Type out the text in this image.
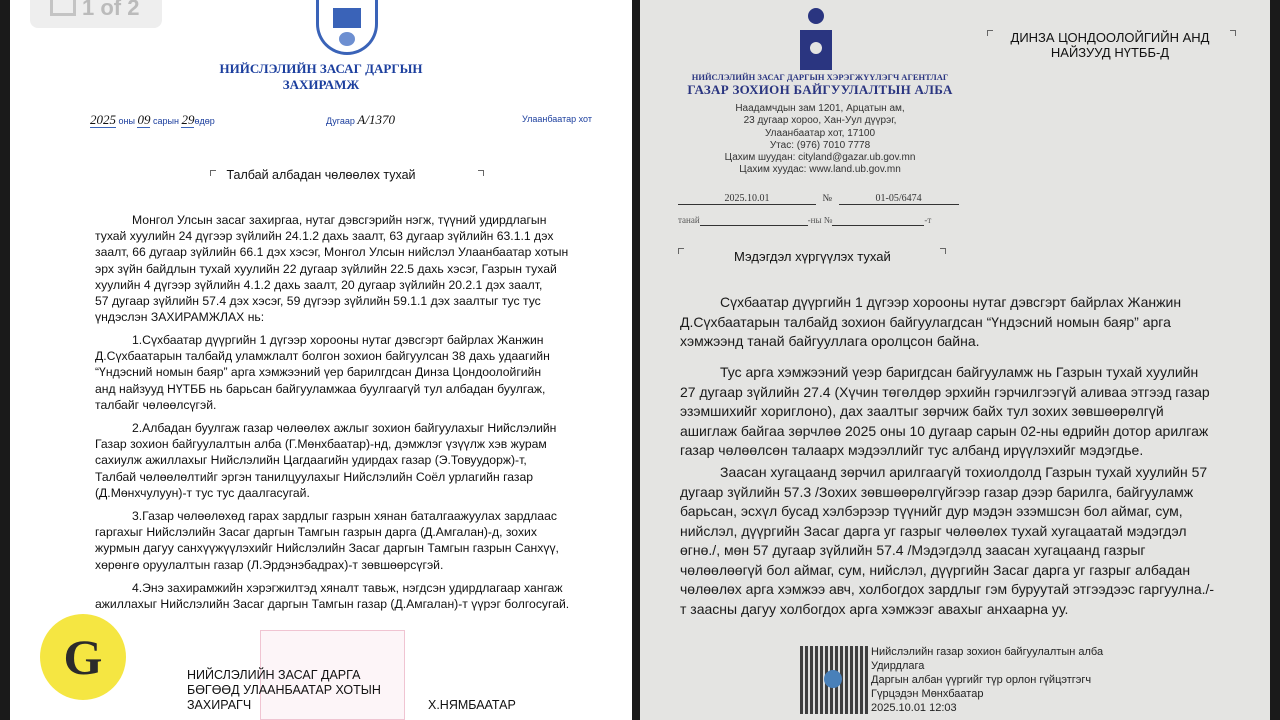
НИЙСЛЭЛИЙН ЗАСАГ ДАРГЫН
ЗАХИРАМЖ
2025 оны 09 сарын 29өдөр	Дугаар А/1370	Улаанбаатар хот
Талбай албадан чөлөөлөх тухай
Монгол Улсын засаг захиргаа, нутаг дэвсгэрийн нэгж, түүний удирдлагын
тухай хуулийн 24 дүгээр зүйлийн 24.1.2 дахь заалт, 63 дугаар зүйлийн 63.1.1 дэх
заалт, 66 дугаар зүйлийн 66.1 дэх хэсэг, Монгол Улсын нийслэл Улаанбаатар хотын
эрх зүйн байдлын тухай хуулийн 22 дугаар зүйлийн 22.5 дахь хэсэг, Газрын тухай
хуулийн 4 дүгээр зүйлийн 4.1.2 дахь заалт, 20 дугаар зүйлийн 20.2.1 дэх заалт,
57 дугаар зүйлийн 57.4 дэх хэсэг, 59 дүгээр зүйлийн 59.1.1 дэх заалтыг тус тус
үндэслэн ЗАХИРАМЖЛАХ нь:
1.Сүхбаатар дүүргийн 1 дүгээр хорооны нутаг дэвсгэрт байрлах Жанжин
Д.Сүхбаатарын талбайд уламжлалт болгон зохион байгуулсан 38 дахь удаагийн
“Үндэсний номын баяр” арга хэмжээний үер барилгдсан Динза Цондоолойгийн
анд найзууд НҮТББ нь барьсан байгууламжаа буулгаагүй тул албадан буулгаж,
талбайг чөлөөлсүгэй.
2.Албадан буулгаж газар чөлөөлөх ажлыг зохион байгуулахыг Нийслэлийн
Газар зохион байгуулалтын алба (Г.Мөнхбаатар)-нд, дэмжлэг үзүүлж хэв журам
сахиулж ажиллахыг Нийслэлийн Цагдаагийн удирдах газар (Э.Товуудорж)-т,
Талбай чөлөөлөлтийг эргэн танилцуулахыг Нийслэлийн Соёл урлагийн газар
(Д.Мөнхчулуун)-т тус тус даалгасугай.
3.Газар чөлөөлөхөд гарах зардлыг газрын хянан баталгаажуулах зардлаас
гаргахыг Нийслэлийн Засаг даргын Тамгын газрын дарга (Д.Амгалан)-д, зохих
журмын дагуу санхүүжүүлэхийг Нийслэлийн Засаг даргын Тамгын газрын Санхүү,
хөрөнгө оруулалтын газар (Л.Эрдэнэбадрах)-т зөвшөөрсүгэй.
4.Энэ захирамжийн хэрэгжилтэд хяналт тавьж, нэгдсэн удирдлагаар хангаж
ажиллахыг Нийслэлийн Засаг даргын Тамгын газар (Д.Амгалан)-т үүрэг болгосугай.
НИЙСЛЭЛИЙН ЗАСАГ ДАРГА
БӨГӨӨД УЛААНБААТАР ХОТЫН
ЗАХИРАГЧ	Х.НЯМБААТАР
1 of 2
G
НИЙСЛЭЛИЙН ЗАСАГ ДАРГЫН ХЭРЭГЖҮҮЛЭГЧ АГЕНТЛАГ
ГАЗАР ЗОХИОН БАЙГУУЛАЛТЫН АЛБА
Наадамчдын зам 1201, Арцатын ам,
23 дугаар хороо, Хан-Уул дүүрэг,
Улаанбаатар хот, 17100
Утас: (976) 7010 7778
Цахим шуудан: cityland@gazar.ub.gov.mn
Цахим хуудас: www.land.ub.gov.mn
2025.10.01	№	01-05/6474
танай	-ны №	-т
ДИНЗА ЦОНДООЛОЙГИЙН АНД
НАЙЗУУД НҮТББ-Д
Мэдэгдэл хүргүүлэх тухай
Сүхбаатар дүүргийн 1 дүгээр хорооны нутаг дэвсгэрт байрлах Жанжин
Д.Сүхбаатарын талбайд зохион байгуулагдсан “Үндэсний номын баяр” арга
хэмжээнд танай байгууллага оролцсон байна.
Тус арга хэмжээний үеэр баригдсан байгууламж нь Газрын тухай хуулийн
27 дугаар зүйлийн 27.4 (Хүчин төгөлдөр эрхийн гэрчилгээгүй аливаа этгээд газар
эзэмшихийг хориглоно), дах заалтыг зөрчиж байх тул зохих зөвшөөрөлгүй
ашиглаж байгаа зөрчлөө 2025 оны 10 дугаар сарын 02-ны өдрийн дотор арилгаж
газар чөлөөлсөн талаарх мэдээллийг тус албанд ирүүлэхийг мэдэгдье.
Заасан хугацаанд зөрчил арилгаагүй тохиолдолд Газрын тухай хуулийн 57
дугаар зүйлийн 57.3 /Зохих зөвшөөрөлгүйгээр газар дээр барилга, байгууламж
барьсан, эсхүл бусад хэлбэрээр түүнийг дур мэдэн эзэмшсэн бол аймаг, сум,
нийслэл, дүүргийн Засаг дарга уг газрыг чөлөөлөх тухай хугацаатай мэдэгдэл
өгнө./, мөн 57 дугаар зүйлийн 57.4 /Мэдэгдэлд заасан хугацаанд газрыг
чөлөөлөөгүй бол аймаг, сум, нийслэл, дүүргийн Засаг дарга уг газрыг албадан
чөлөөлөх арга хэмжээ авч, холбогдох зардлыг гэм буруутай этгээдээс гаргуулна./-
т заасны дагуу холбогдох арга хэмжээг авахыг анхаарна уу.
Нийслэлийн газар зохион байгуулалтын алба
Удирдлага
Даргын албан үүргийг түр орлон гүйцэтгэгч
Гүрцэдэн Мөнхбаатар
2025.10.01 12:03
